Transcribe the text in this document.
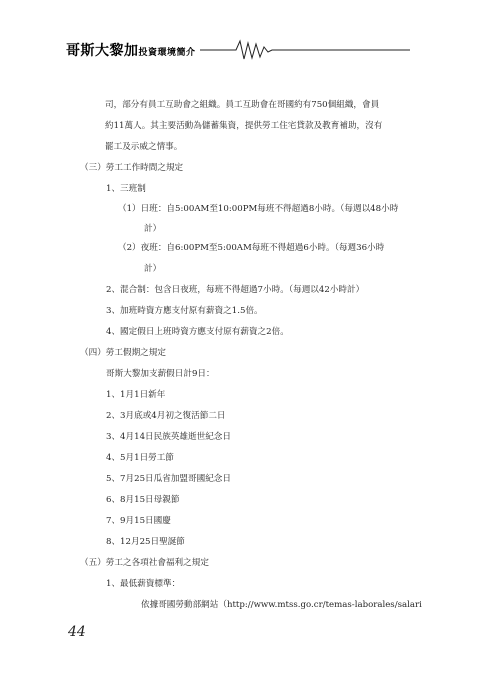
哥斯大黎加投資環境簡介
司，部分有員工互助會之組織。員工互助會在哥國約有750個組織，會員
約11萬人。其主要活動為儲蓄集資，提供勞工住宅貸款及教育補助，沒有
罷工及示威之情事。
（三）勞工工作時間之規定
1、三班制
（1）日班：自5:00AM至10:00PM每班不得超過8小時。（每週以48小時
計）
（2）夜班：自6:00PM至5:00AM每班不得超過6小時。（每週36小時
計）
2、混合制：包含日夜班，每班不得超過7小時。（每週以42小時計）
3、加班時資方應支付原有薪資之1.5倍。
4、國定假日上班時資方應支付原有薪資之2倍。
（四）勞工假期之規定
哥斯大黎加支薪假日計9日：
1、1月1日新年
2、3月底或4月初之復活節二日
3、4月14日民族英雄逝世紀念日
4、5月1日勞工節
5、7月25日瓜省加盟哥國紀念日
6、8月15日母親節
7、9月15日國慶
8、12月25日聖誕節
（五）勞工之各項社會福利之規定
1、最低薪資標準：
依據哥國勞動部網站（http://www.mtss.go.cr/temas-laborales/salari
44
